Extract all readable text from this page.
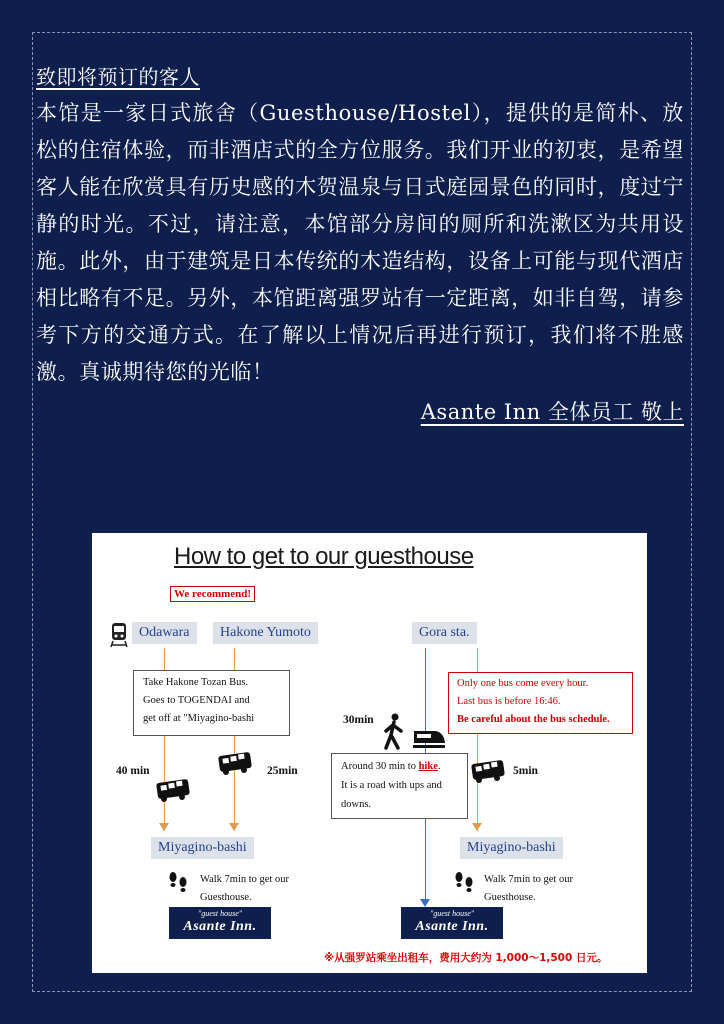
致即将预订的客人

本馆是一家日式旅舍（Guesthouse/Hostel），提供的是简朴、放松的住宿体验，而非酒店式的全方位服务。我们开业的初衷，是希望客人能在欣赏具有历史感的木贺温泉与日式庭园景色的同时，度过宁静的时光。不过，请注意，本馆部分房间的厕所和洗漱区为共用设施。此外，由于建筑是日本传统的木造结构，设备上可能与现代酒店相比略有不足。另外，本馆距离强罗站有一定距离，如非自驾，请参考下方的交通方式。在了解以上情况后再进行预订，我们将不胜感激。真诚期待您的光临！

Asante Inn 全体员工 敬上
How to get to our guesthouse
We recommend!
Odawara	Hakone Yumoto	Gora sta.
Take Hakone Tozan Bus.
Goes to TOGENDAI and
get off at "Miyagino-bashi
Only one bus come every hour.
Last bus is before 16:46.
Be careful about the bus schedule.
30min
Around 30 min to hike.
It is a road with ups and
downs.
40 min	25min	5min
Miyagino-bashi	Miyagino-bashi
Walk 7min to get our
Guesthouse.
Walk 7min to get our
Guesthouse.
"guest house"
Asante Inn.
"guest house"
Asante Inn.
※从强罗站乘坐出租车，费用大约为 1,000～1,500 日元。
